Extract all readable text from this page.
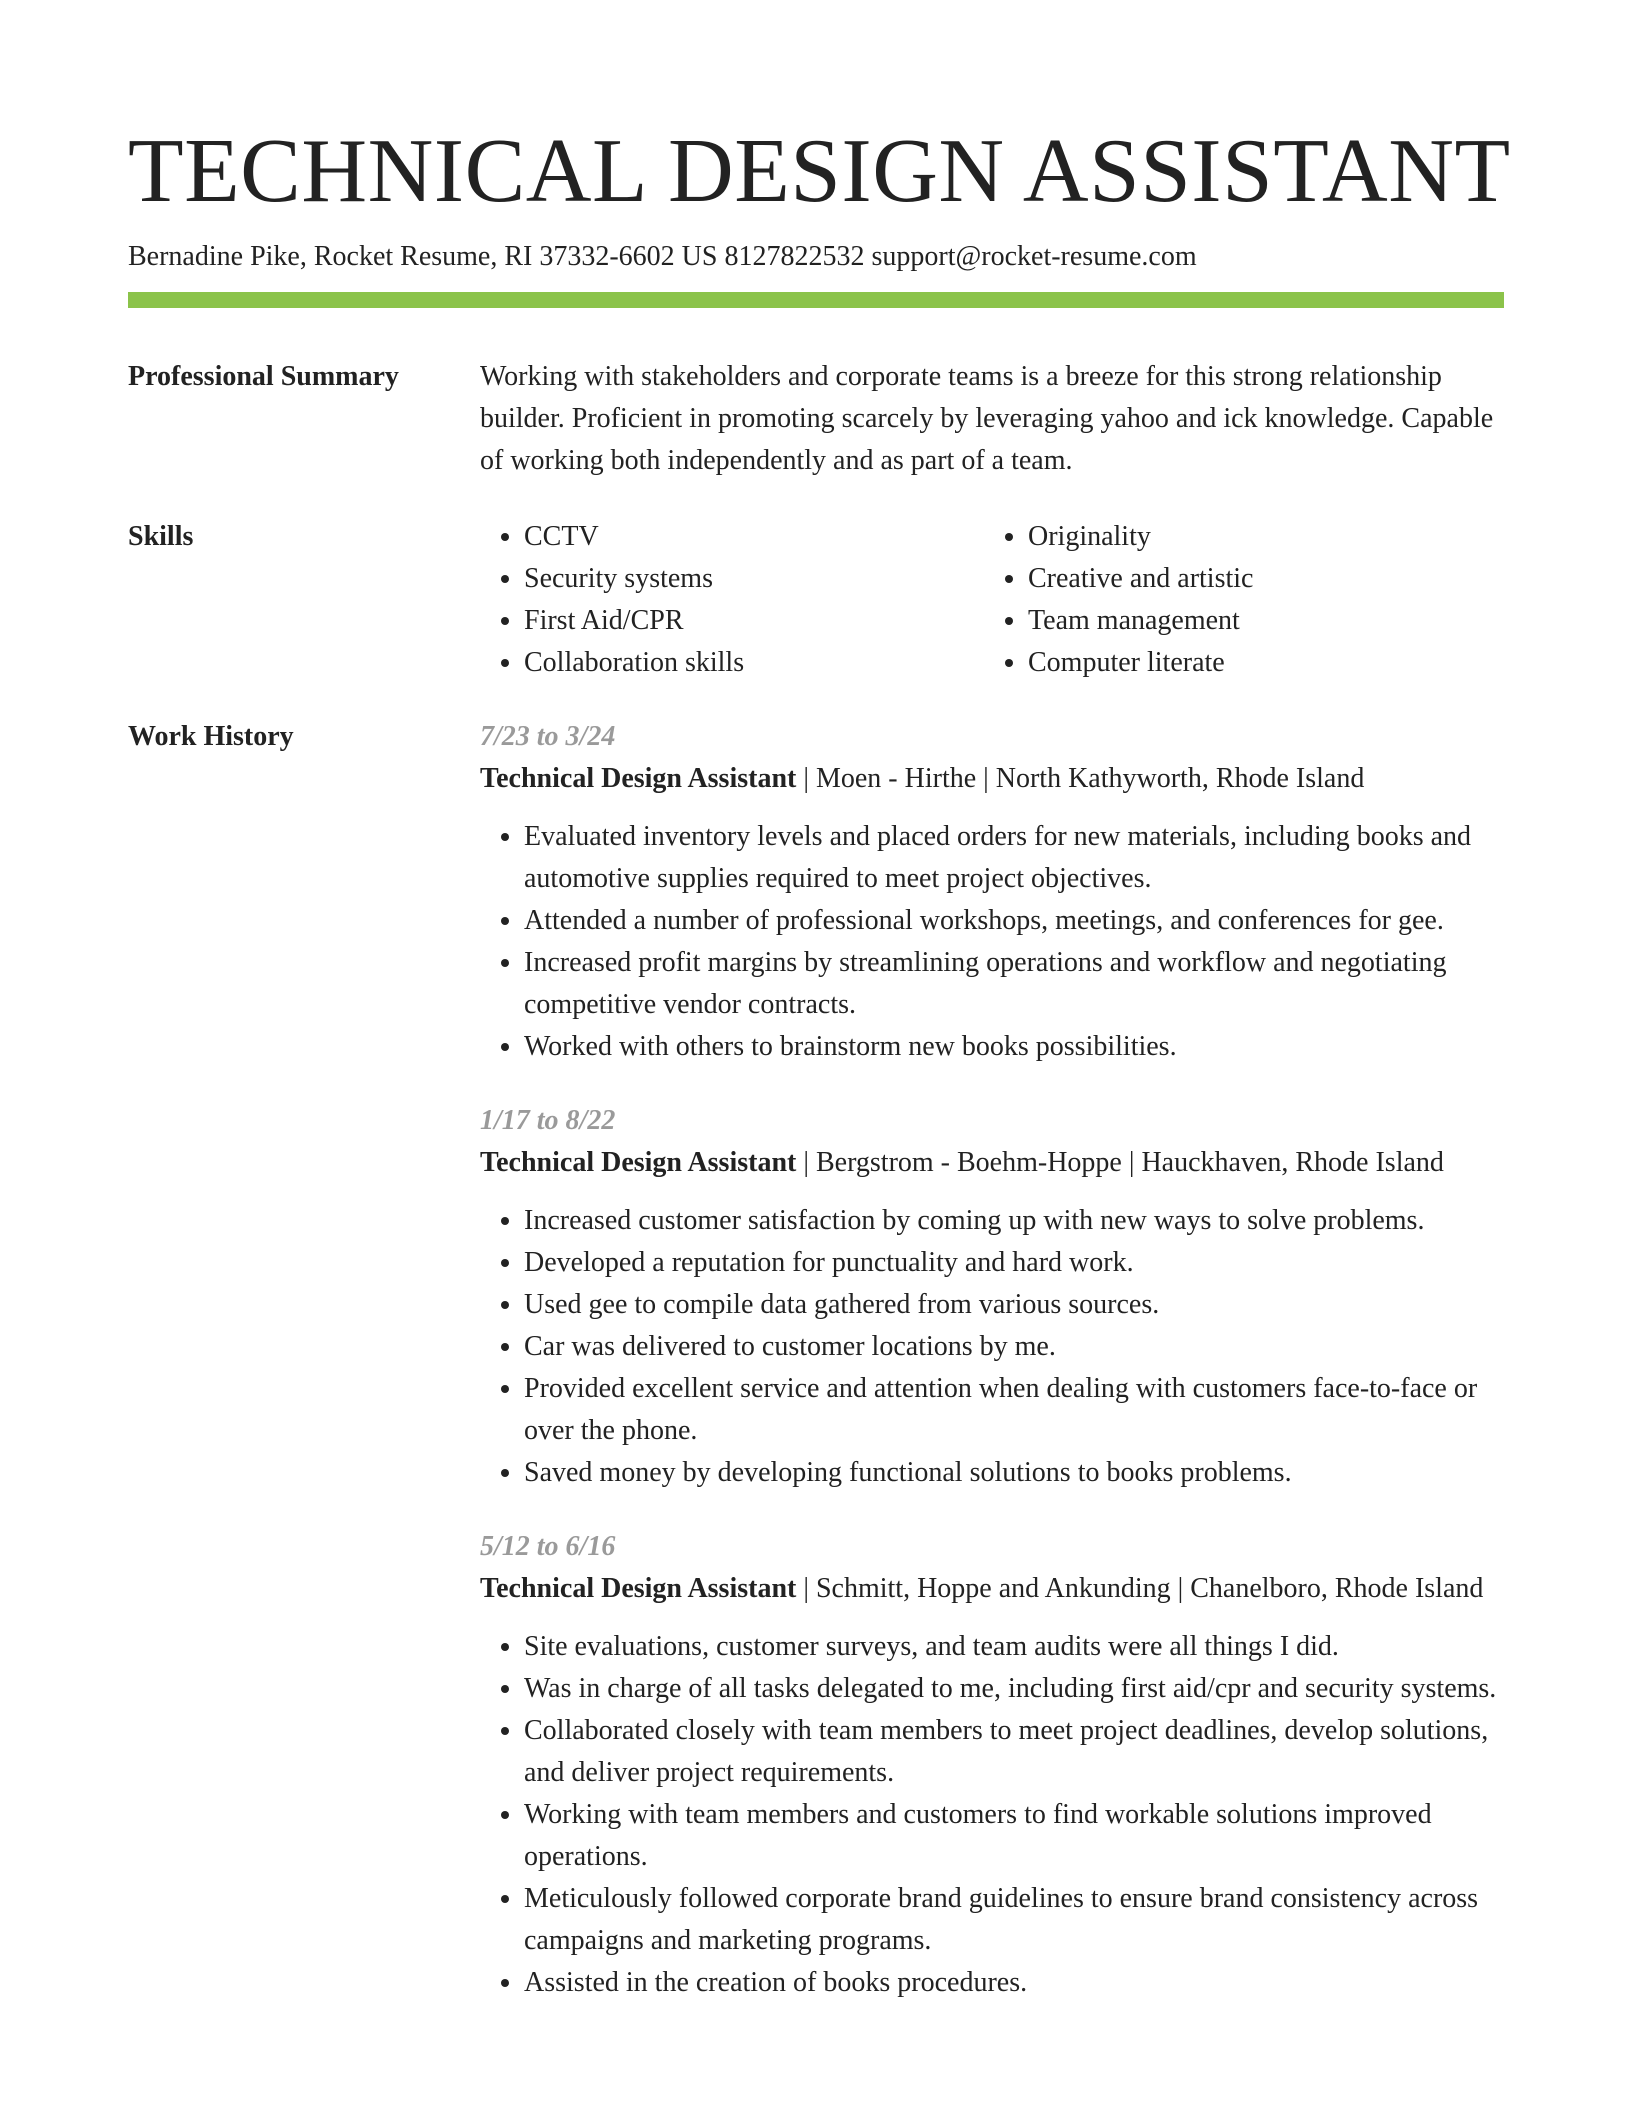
TECHNICAL DESIGN ASSISTANT
Bernadine Pike, Rocket Resume, RI 37332-6602 US 8127822532 support@rocket-resume.com
Professional Summary	Working with stakeholders and corporate teams is a breeze for this strong relationship builder. Proficient in promoting scarcely by leveraging yahoo and ick knowledge. Capable of working both independently and as part of a team.
Skills
•	CCTV
• Security systems
• First Aid/CPR
• Collaboration skills
• Originality
• Creative and artistic
• Team management
• Computer literate
Work History	7/23 to 3/24
Technical Design Assistant | Moen - Hirthe | North Kathyworth, Rhode Island
• Evaluated inventory levels and placed orders for new materials, including books and automotive supplies required to meet project objectives.
• Attended a number of professional workshops, meetings, and conferences for gee.
• Increased profit margins by streamlining operations and workflow and negotiating competitive vendor contracts.
• Worked with others to brainstorm new books possibilities.
1/17 to 8/22
Technical Design Assistant | Bergstrom - Boehm-Hoppe | Hauckhaven, Rhode Island
• Increased customer satisfaction by coming up with new ways to solve problems.
• Developed a reputation for punctuality and hard work.
• Used gee to compile data gathered from various sources.
• Car was delivered to customer locations by me.
• Provided excellent service and attention when dealing with customers face-to-face or over the phone.
• Saved money by developing functional solutions to books problems.
5/12 to 6/16
Technical Design Assistant | Schmitt, Hoppe and Ankunding | Chanelboro, Rhode Island
• Site evaluations, customer surveys, and team audits were all things I did.
• Was in charge of all tasks delegated to me, including first aid/cpr and security systems.
• Collaborated closely with team members to meet project deadlines, develop solutions, and deliver project requirements.
• Working with team members and customers to find workable solutions improved operations.
• Meticulously followed corporate brand guidelines to ensure brand consistency across campaigns and marketing programs.
• Assisted in the creation of books procedures.
